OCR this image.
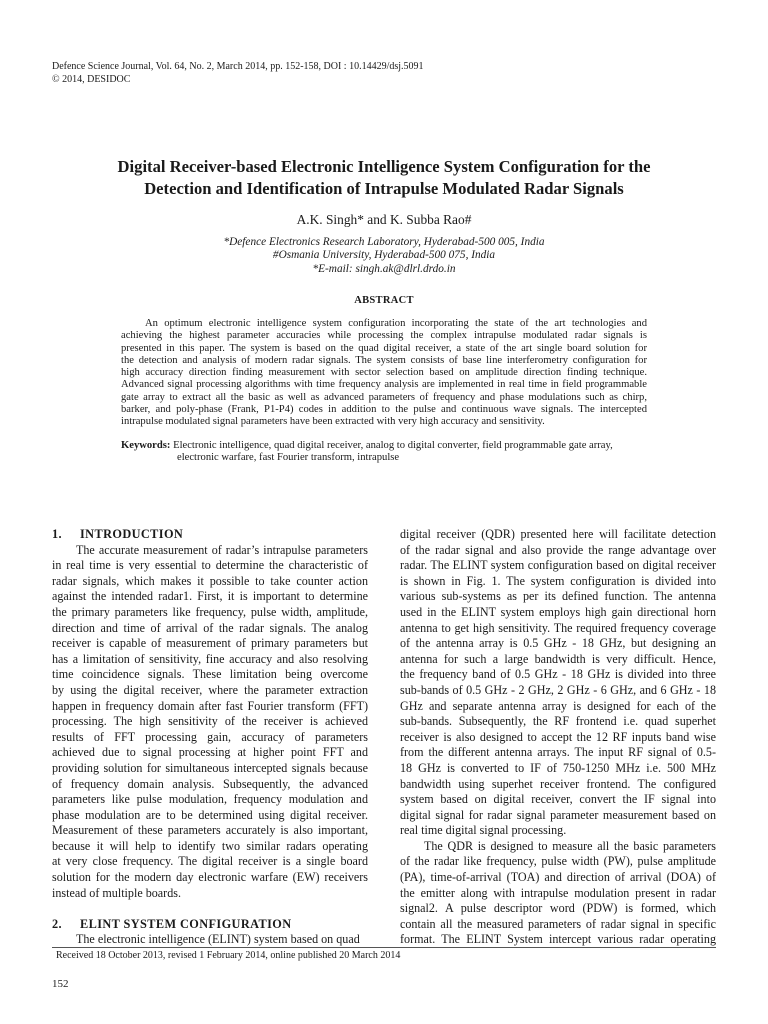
Defence Science Journal, Vol. 64, No. 2, March 2014, pp. 152-158, DOI : 10.14429/dsj.5091
© 2014, DESIDOC
Digital Receiver-based Electronic Intelligence System Configuration for the
Detection and Identification of Intrapulse Modulated Radar Signals
A.K. Singh* and K. Subba Rao#
*Defence Electronics Research Laboratory, Hyderabad-500 005, India
#Osmania University, Hyderabad-500 075, India
*E-mail: singh.ak@dlrl.drdo.in
ABSTRACT
An optimum electronic intelligence system configuration incorporating the state of the art technologies and
achieving the highest parameter accuracies while processing the complex intrapulse modulated radar signals is
presented in this paper. The system is based on the quad digital receiver, a state of the art single board solution for
the detection and analysis of modern radar signals. The system consists of base line interferometry configuration for
high accuracy direction finding measurement with sector selection based on amplitude direction finding technique.
Advanced signal processing algorithms with time frequency analysis are implemented in real time in field programmable
gate array to extract all the basic as well as advanced parameters of frequency and phase modulations such as chirp,
barker, and poly-phase (Frank, P1-P4) codes in addition to the pulse and continuous wave signals. The intercepted
intrapulse modulated signal parameters have been extracted with very high accuracy and sensitivity.
Keywords: Electronic intelligence, quad digital receiver, analog to digital converter, field programmable gate array,
electronic warfare, fast Fourier transform, intrapulse
1. INTRODUCTION

The accurate measurement of radar’s intrapulse parameters
in real time is very essential to determine the characteristic of
radar signals, which makes it possible to take counter action
against the intended radar1. First, it is important to determine
the primary parameters like frequency, pulse width, amplitude,
direction and time of arrival of the radar signals. The analog
receiver is capable of measurement of primary parameters but
has a limitation of sensitivity, fine accuracy and also resolving
time coincidence signals. These limitation being overcome
by using the digital receiver, where the parameter extraction
happen in frequency domain after fast Fourier transform (FFT)
processing. The high sensitivity of the receiver is achieved
results of FFT processing gain, accuracy of parameters
achieved due to signal processing at higher point FFT and
providing solution for simultaneous intercepted signals because
of frequency domain analysis. Subsequently, the advanced
parameters like pulse modulation, frequency modulation and
phase modulation are to be determined using digital receiver.
Measurement of these parameters accurately is also important,
because it will help to identify two similar radars operating
at very close frequency. The digital receiver is a single board
solution for the modern day electronic warfare (EW) receivers
instead of multiple boards.

2. ELINT SYSTEM CONFIGURATION

The electronic intelligence (ELINT) system based on quad

digital receiver (QDR) presented here will facilitate detection
of the radar signal and also provide the range advantage over
radar. The ELINT system configuration based on digital receiver
is shown in Fig. 1. The system configuration is divided into
various sub-systems as per its defined function. The antenna
used in the ELINT system employs high gain directional horn
antenna to get high sensitivity. The required frequency coverage
of the antenna array is 0.5 GHz - 18 GHz, but designing an
antenna for such a large bandwidth is very difficult. Hence,
the frequency band of 0.5 GHz - 18 GHz is divided into three
sub-bands of 0.5 GHz - 2 GHz, 2 GHz - 6 GHz, and 6 GHz - 18
GHz and separate antenna array is designed for each of the
sub-bands. Subsequently, the RF frontend i.e. quad superhet
receiver is also designed to accept the 12 RF inputs band wise
from the different antenna arrays. The input RF signal of 0.5-
18 GHz is converted to IF of 750-1250 MHz i.e. 500 MHz
bandwidth using superhet receiver frontend. The configured
system based on digital receiver, convert the IF signal into
digital signal for radar signal parameter measurement based on
real time digital signal processing.

The QDR is designed to measure all the basic parameters
of the radar like frequency, pulse width (PW), pulse amplitude
(PA), time-of-arrival (TOA) and direction of arrival (DOA) of
the emitter along with intrapulse modulation present in radar
signal2. A pulse descriptor word (PDW) is formed, which
contain all the measured parameters of radar signal in specific
format. The ELINT System intercept various radar operating

Received 18 October 2013, revised 1 February 2014, online published 20 March 2014
152
